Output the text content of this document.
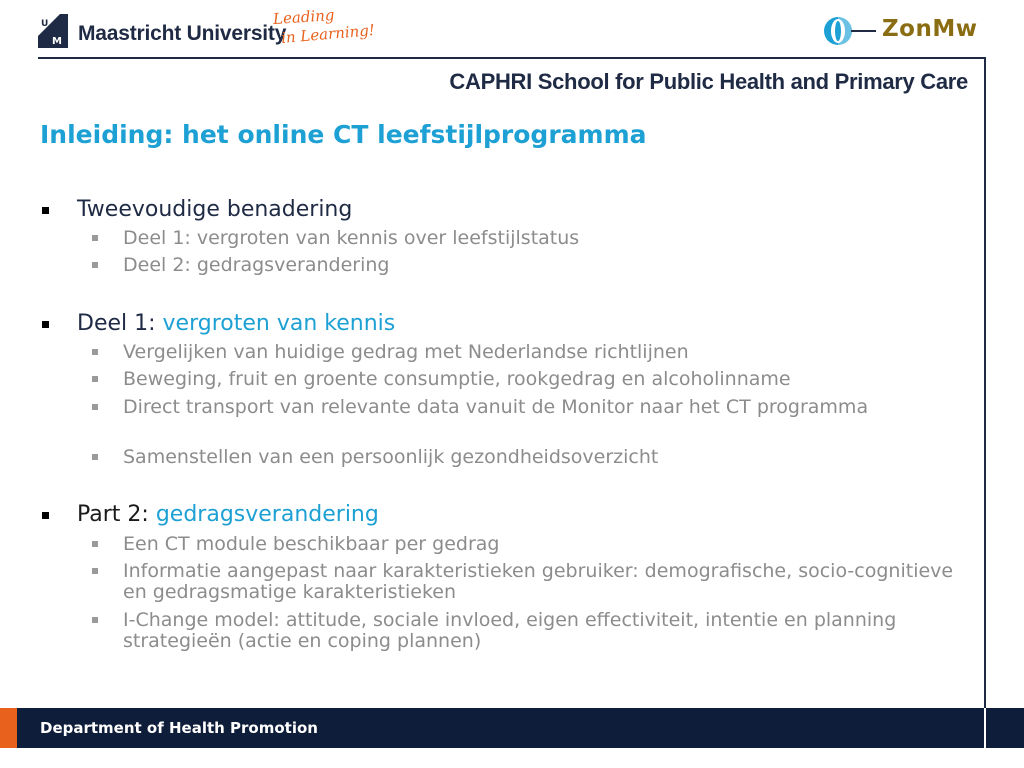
U
M Maastricht University
Leading
in Learning!	ZonMw
CAPHRI School for Public Health and Primary Care
Inleiding: het online CT leefstijlprogramma
Tweevoudige benadering
Deel 1: vergroten van kennis over leefstijlstatus
Deel 2: gedragsverandering
Deel 1: vergroten van kennis
Vergelijken van huidige gedrag met Nederlandse richtlijnen
Beweging, fruit en groente consumptie, rookgedrag en alcoholinname
Direct transport van relevante data vanuit de Monitor naar het CT programma
Samenstellen van een persoonlijk gezondheidsoverzicht
Part 2: gedragsverandering
Een CT module beschikbaar per gedrag
Informatie aangepast naar karakteristieken gebruiker: demografische, socio-cognitieve en gedragsmatige karakteristieken
I-Change model: attitude, sociale invloed, eigen effectiviteit, intentie en planning strategieën (actie en coping plannen)
Department of Health Promotion
